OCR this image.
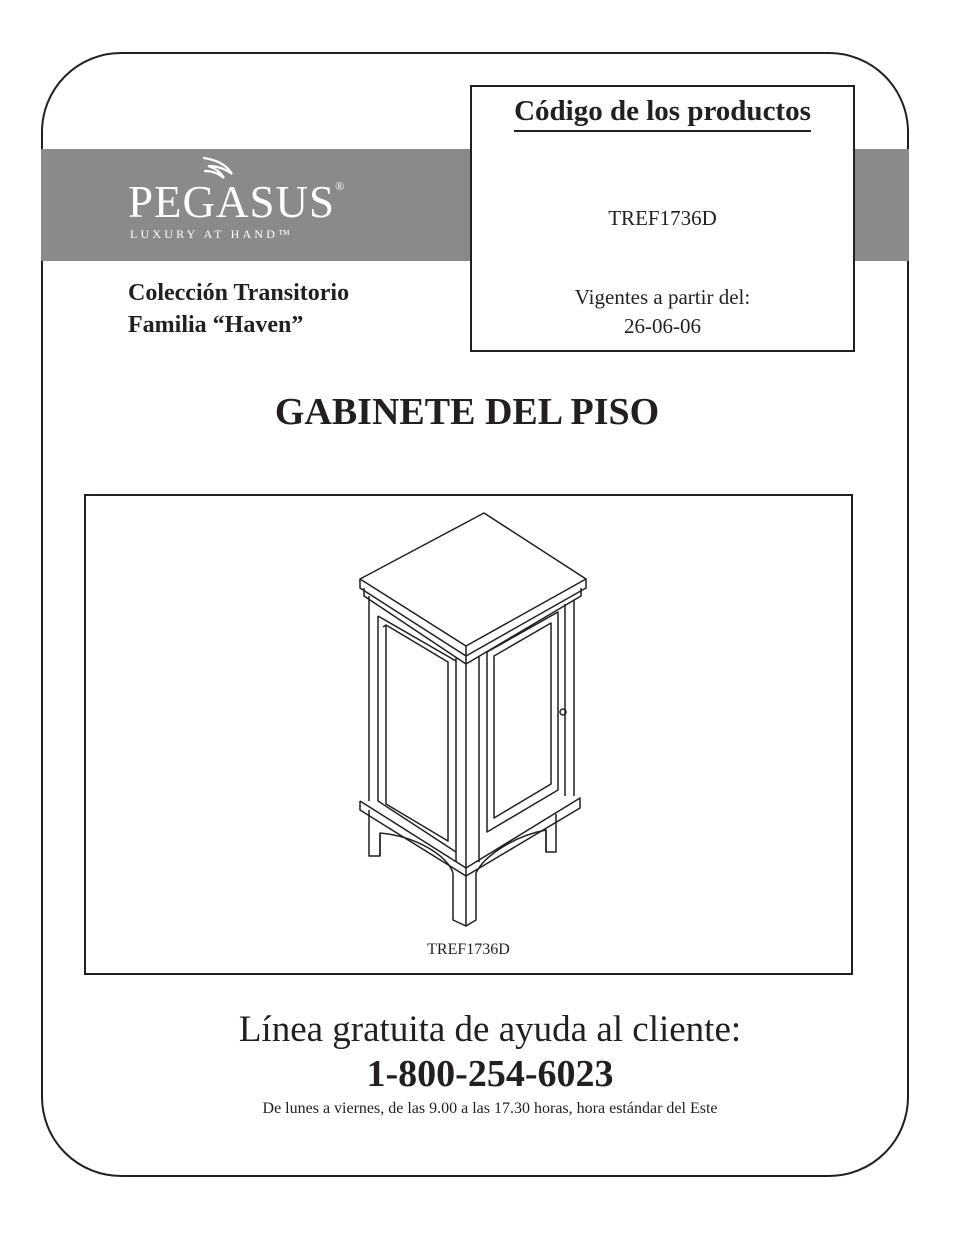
PEGASUS®
LUXURY AT HAND™
Código de los productos
TREF1736D
Vigentes a partir del:
26-06-06
Colección Transitorio
Familia “Haven”
GABINETE DEL PISO
TREF1736D
Línea gratuita de ayuda al cliente:
1-800-254-6023
De lunes a viernes, de las 9.00 a las 17.30 horas, hora estándar del Este
